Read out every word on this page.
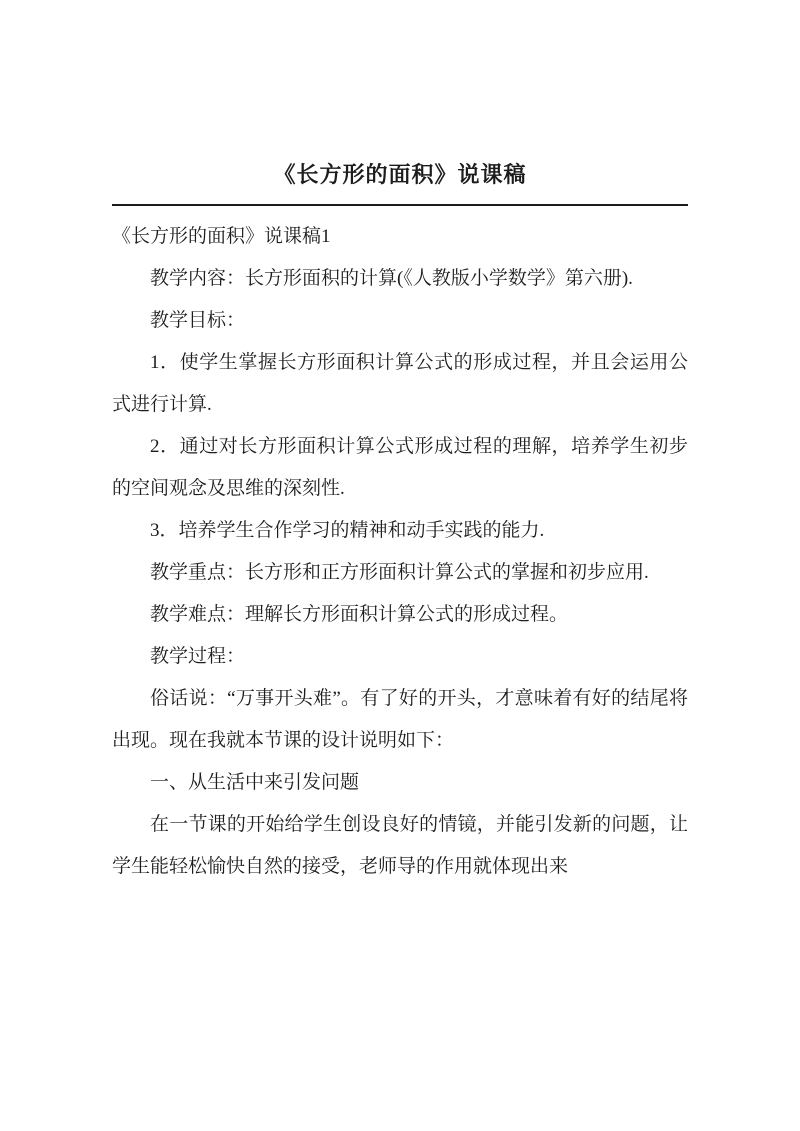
《长方形的面积》说课稿

《长方形的面积》说课稿1

教学内容：长方形面积的计算(《人教版小学数学》第六册).

教学目标：

1．使学生掌握长方形面积计算公式的形成过程，并且会运用公式进行计算.

2．通过对长方形面积计算公式形成过程的理解，培养学生初步的空间观念及思维的深刻性.

3．培养学生合作学习的精神和动手实践的能力.

教学重点：长方形和正方形面积计算公式的掌握和初步应用.

教学难点：理解长方形面积计算公式的形成过程。

教学过程：

俗话说：“万事开头难”。有了好的开头，才意味着有好的结尾将出现。现在我就本节课的设计说明如下：

一、从生活中来引发问题

在一节课的开始给学生创设良好的情镜，并能引发新的问题，让学生能轻松愉快自然的接受，老师导的作用就体现出来
